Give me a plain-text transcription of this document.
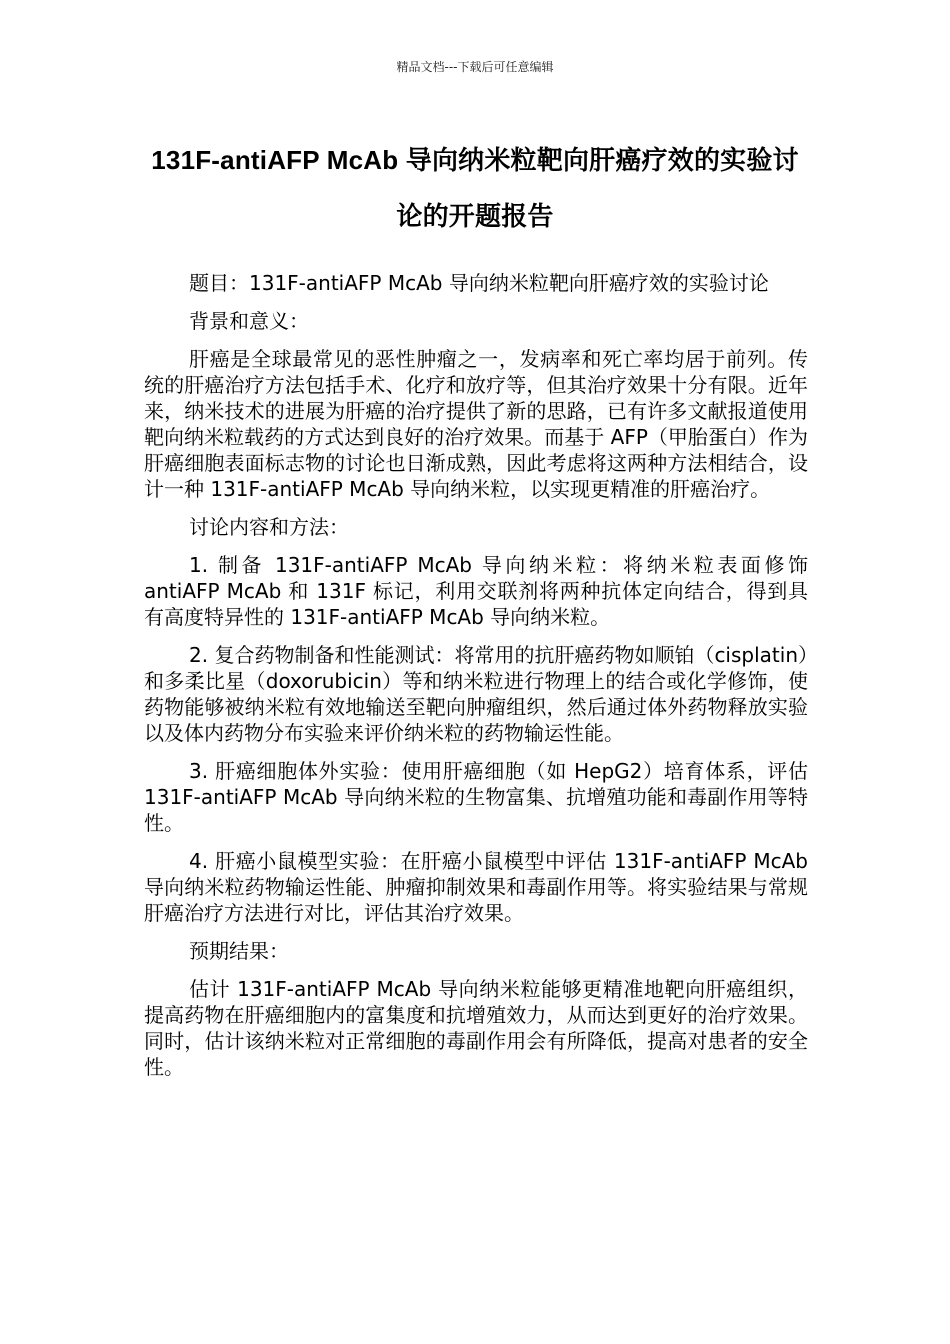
精品文档---下载后可任意编辑
131F-antiAFP McAb 导向纳米粒靶向肝癌疗效的实验讨论的开题报告

题目：131F-antiAFP McAb 导向纳米粒靶向肝癌疗效的实验讨论

背景和意义：

肝癌是全球最常见的恶性肿瘤之一，发病率和死亡率均居于前列。传统的肝癌治疗方法包括手术、化疗和放疗等，但其治疗效果十分有限。近年来，纳米技术的进展为肝癌的治疗提供了新的思路，已有许多文献报道使用靶向纳米粒载药的方式达到良好的治疗效果。而基于 AFP（甲胎蛋白）作为肝癌细胞表面标志物的讨论也日渐成熟，因此考虑将这两种方法相结合，设计一种 131F-antiAFP McAb 导向纳米粒，以实现更精准的肝癌治疗。

讨论内容和方法：

1. 制备 131F-antiAFP McAb 导向纳米粒：将纳米粒表面修饰 antiAFP McAb 和 131F 标记，利用交联剂将两种抗体定向结合，得到具有高度特异性的 131F-antiAFP McAb 导向纳米粒。

2. 复合药物制备和性能测试：将常用的抗肝癌药物如顺铂（cisplatin）和多柔比星（doxorubicin）等和纳米粒进行物理上的结合或化学修饰，使药物能够被纳米粒有效地输送至靶向肿瘤组织，然后通过体外药物释放实验以及体内药物分布实验来评价纳米粒的药物输运性能。

3. 肝癌细胞体外实验：使用肝癌细胞（如 HepG2）培育体系，评估 131F-antiAFP McAb 导向纳米粒的生物富集、抗增殖功能和毒副作用等特性。

4. 肝癌小鼠模型实验：在肝癌小鼠模型中评估 131F-antiAFP McAb 导向纳米粒药物输运性能、肿瘤抑制效果和毒副作用等。将实验结果与常规肝癌治疗方法进行对比，评估其治疗效果。

预期结果：

估计 131F-antiAFP McAb 导向纳米粒能够更精准地靶向肝癌组织，提高药物在肝癌细胞内的富集度和抗增殖效力，从而达到更好的治疗效果。同时，估计该纳米粒对正常细胞的毒副作用会有所降低，提高对患者的安全性。
